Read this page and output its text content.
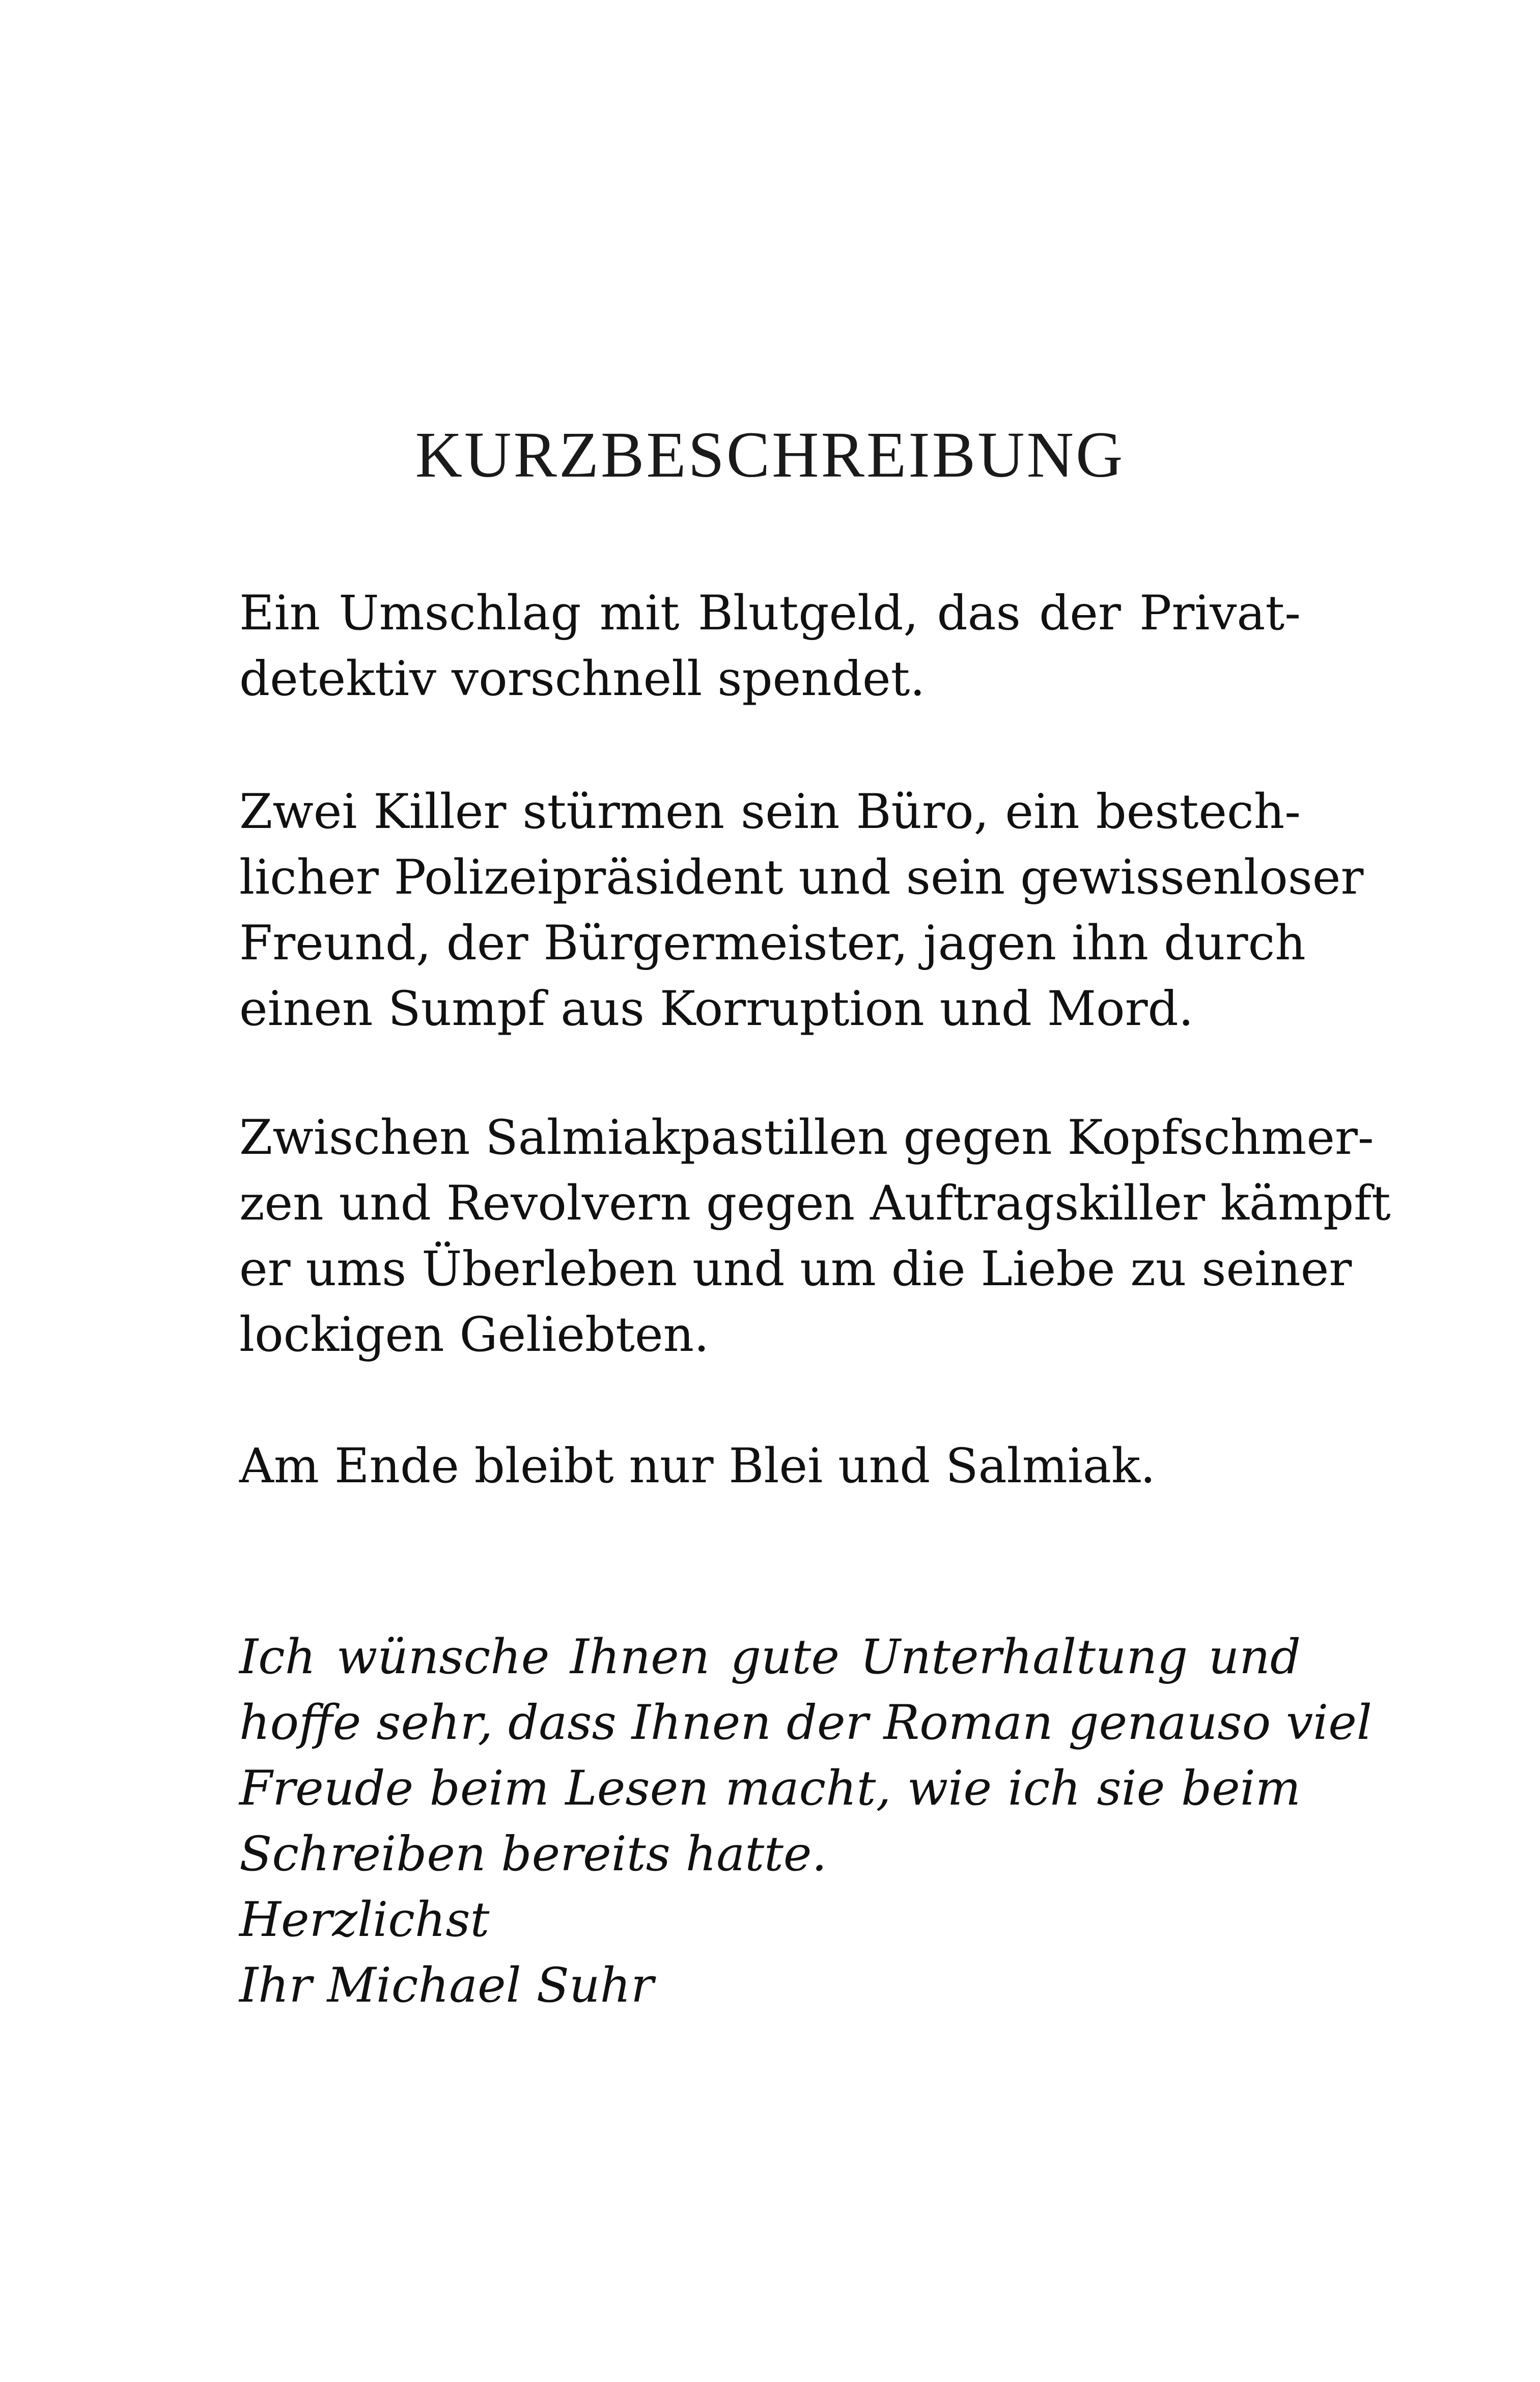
KURZBESCHREIBUNG

Ein Umschlag mit Blutgeld, das der Privat-
detektiv vorschnell spendet.

Zwei Killer stürmen sein Büro, ein bestech-
licher Polizeipräsident und sein gewissenloser
Freund, der Bürgermeister, jagen ihn durch
einen Sumpf aus Korruption und Mord.

Zwischen Salmiakpastillen gegen Kopfschmer-
zen und Revolvern gegen Auftragskiller kämpft
er ums Überleben und um die Liebe zu seiner
lockigen Geliebten.

Am Ende bleibt nur Blei und Salmiak.

Ich wünsche Ihnen gute Unterhaltung und
hoffe sehr, dass Ihnen der Roman genauso viel
Freude beim Lesen macht, wie ich sie beim
Schreiben bereits hatte.
Herzlichst
Ihr Michael Suhr
